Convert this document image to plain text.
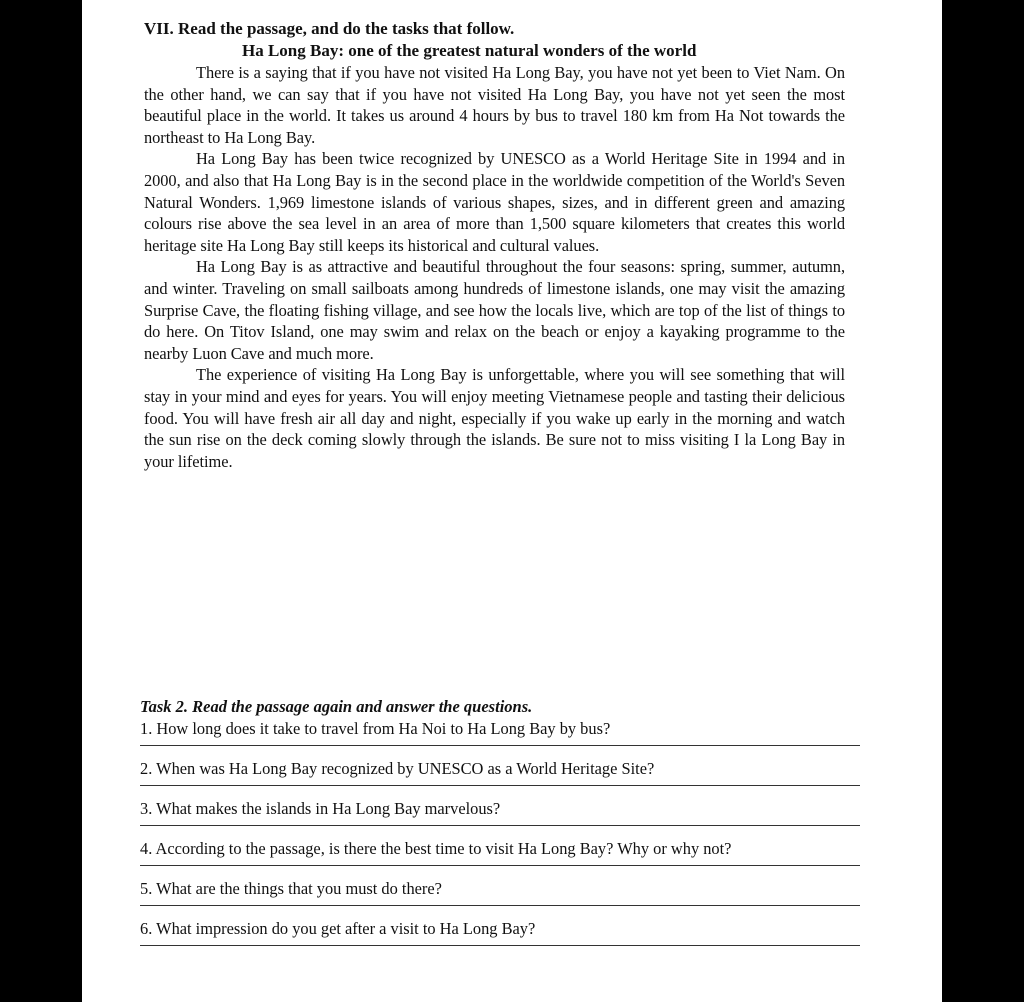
VII. Read the passage, and do the tasks that follow.

Ha Long Bay: one of the greatest natural wonders of the world

There is a saying that if you have not visited Ha Long Bay, you have not yet been to Viet Nam. On the other hand, we can say that if you have not visited Ha Long Bay, you have not yet seen the most beautiful place in the world. It takes us around 4 hours by bus to travel 180 km from Ha Not towards the northeast to Ha Long Bay.

Ha Long Bay has been twice recognized by UNESCO as a World Heritage Site in 1994 and in 2000, and also that Ha Long Bay is in the second place in the worldwide competition of the World's Seven Natural Wonders. 1,969 limestone islands of various shapes, sizes, and in different green and amazing colours rise above the sea level in an area of more than 1,500 square kilometers that creates this world heritage site Ha Long Bay still keeps its historical and cultural values.

Ha Long Bay is as attractive and beautiful throughout the four seasons: spring, summer, autumn, and winter. Traveling on small sailboats among hundreds of limestone islands, one may visit the amazing Surprise Cave, the floating fishing village, and see how the locals live, which are top of the list of things to do here. On Titov Island, one may swim and relax on the beach or enjoy a kayaking programme to the nearby Luon Cave and much more.

The experience of visiting Ha Long Bay is unforgettable, where you will see something that will stay in your mind and eyes for years. You will enjoy meeting Vietnamese people and tasting their delicious food. You will have fresh air all day and night, especially if you wake up early in the morning and watch the sun rise on the deck coming slowly through the islands. Be sure not to miss visiting I la Long Bay in your lifetime.

Task 2. Read the passage again and answer the questions.

1. How long does it take to travel from Ha Noi to Ha Long Bay by bus?

2. When was Ha Long Bay recognized by UNESCO as a World Heritage Site?

3. What makes the islands in Ha Long Bay marvelous?

4. According to the passage, is there the best time to visit Ha Long Bay? Why or why not?

5. What are the things that you must do there?

6. What impression do you get after a visit to Ha Long Bay?
